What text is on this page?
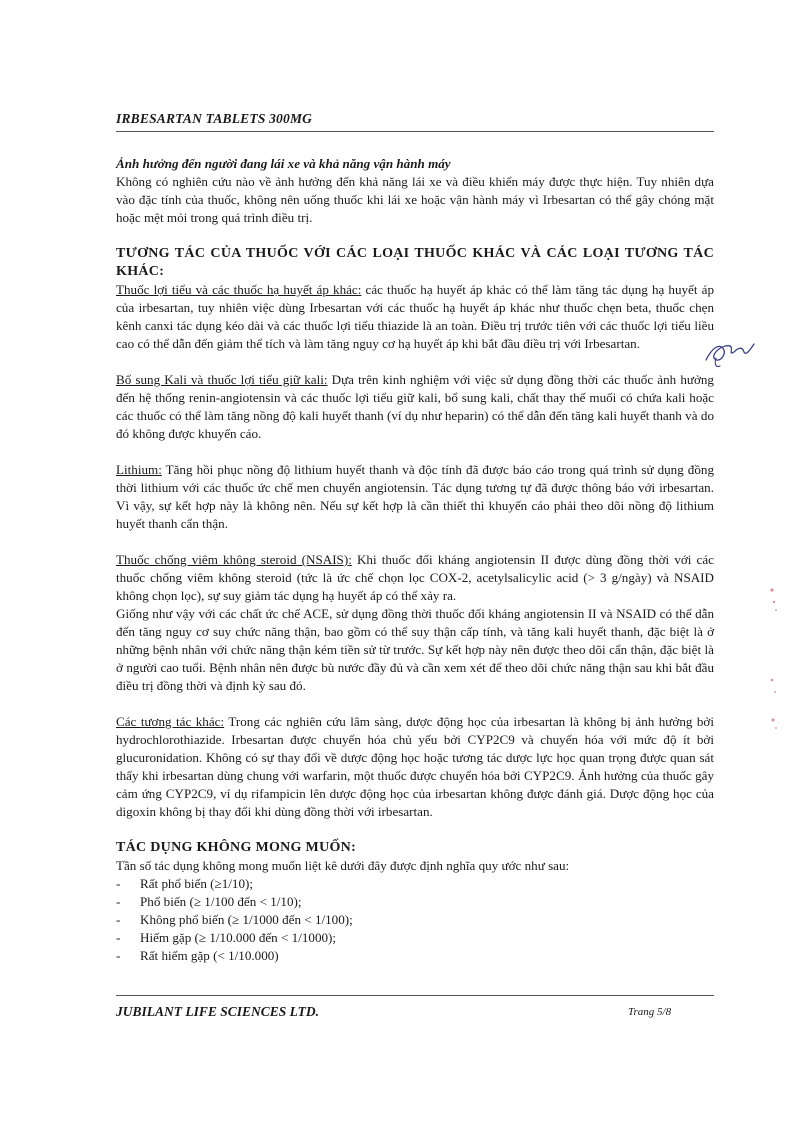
IRBESARTAN TABLETS 300MG

Ảnh hưởng đến người đang lái xe và khả năng vận hành máy

Không có nghiên cứu nào về ảnh hưởng đến khả năng lái xe và điều khiển máy được thực hiện. Tuy nhiên dựa vào đặc tính của thuốc, không nên uống thuốc khi lái xe hoặc vận hành máy vì Irbesartan có thể gây chóng mặt hoặc mệt mỏi trong quá trình điều trị.

TƯƠNG TÁC CỦA THUỐC VỚI CÁC LOẠI THUỐC KHÁC VÀ CÁC LOẠI TƯƠNG TÁC KHÁC:

Thuốc lợi tiểu và các thuốc hạ huyết áp khác: các thuốc hạ huyết áp khác có thể làm tăng tác dụng hạ huyết áp của irbesartan, tuy nhiên việc dùng Irbesartan với các thuốc hạ huyết áp khác như thuốc chẹn beta, thuốc chẹn kênh canxi tác dụng kéo dài và các thuốc lợi tiểu thiazide là an toàn. Điều trị trước tiên với các thuốc lợi tiểu liều cao có thể dẫn đến giảm thể tích và làm tăng nguy cơ hạ huyết áp khi bắt đầu điều trị với Irbesartan.

Bổ sung Kali và thuốc lợi tiểu giữ kali: Dựa trên kinh nghiệm với việc sử dụng đồng thời các thuốc ảnh hưởng đến hệ thống renin-angiotensin và các thuốc lợi tiểu giữ kali, bổ sung kali, chất thay thế muối có chứa kali hoặc các thuốc có thể làm tăng nồng độ kali huyết thanh (ví dụ như heparin) có thể dẫn đến tăng kali huyết thanh và do đó không được khuyến cáo.

Lithium: Tăng hồi phục nồng độ lithium huyết thanh và độc tính đã được báo cáo trong quá trình sử dụng đồng thời lithium với các thuốc ức chế men chuyển angiotensin. Tác dụng tương tự đã được thông báo với irbesartan. Vì vậy, sự kết hợp này là không nên. Nếu sự kết hợp là cần thiết thì khuyến cáo phải theo dõi nồng độ lithium huyết thanh cẩn thận.

Thuốc chống viêm không steroid (NSAIS): Khi thuốc đối kháng angiotensin II được dùng đồng thời với các thuốc chống viêm không steroid (tức là ức chế chọn lọc COX-2, acetylsalicylic acid (> 3 g/ngày) và NSAID không chọn lọc), sự suy giảm tác dụng hạ huyết áp có thể xảy ra.

Giống như vậy với các chất ức chế ACE, sử dụng đồng thời thuốc đối kháng angiotensin II và NSAID có thể dẫn đến tăng nguy cơ suy chức năng thận, bao gồm có thể suy thận cấp tính, và tăng kali huyết thanh, đặc biệt là ở những bệnh nhân với chức năng thận kém tiền sử từ trước. Sự kết hợp này nên được theo dõi cẩn thận, đặc biệt là ở người cao tuổi. Bệnh nhân nên được bù nước đầy đủ và cần xem xét để theo dõi chức năng thận sau khi bắt đầu điều trị đồng thời và định kỳ sau đó.

Các tương tác khác: Trong các nghiên cứu lâm sàng, dược động học của irbesartan là không bị ảnh hưởng bởi hydrochlorothiazide. Irbesartan được chuyển hóa chủ yếu bởi CYP2C9 và chuyển hóa với mức độ ít bởi glucuronidation. Không có sự thay đổi về dược động học hoặc tương tác dược lực học quan trọng được quan sát thấy khi irbesartan dùng chung với warfarin, một thuốc được chuyển hóa bởi CYP2C9. Ảnh hưởng của thuốc gây cảm ứng CYP2C9, ví dụ rifampicin lên dược động học của irbesartan không được đánh giá. Dược động học của digoxin không bị thay đổi khi dùng đồng thời với irbesartan.

TÁC DỤNG KHÔNG MONG MUỐN:

Tần số tác dụng không mong muốn liệt kê dưới đây được định nghĩa quy ước như sau:

- Rất phổ biến (≥1/10);
- Phổ biến (≥ 1/100 đến < 1/10);
- Không phổ biến (≥ 1/1000 đến < 1/100);
- Hiếm gặp (≥ 1/10.000 đến < 1/1000);
- Rất hiếm gặp (< 1/10.000)
JUBILANT LIFE SCIENCES LTD.	Trang 5/8
